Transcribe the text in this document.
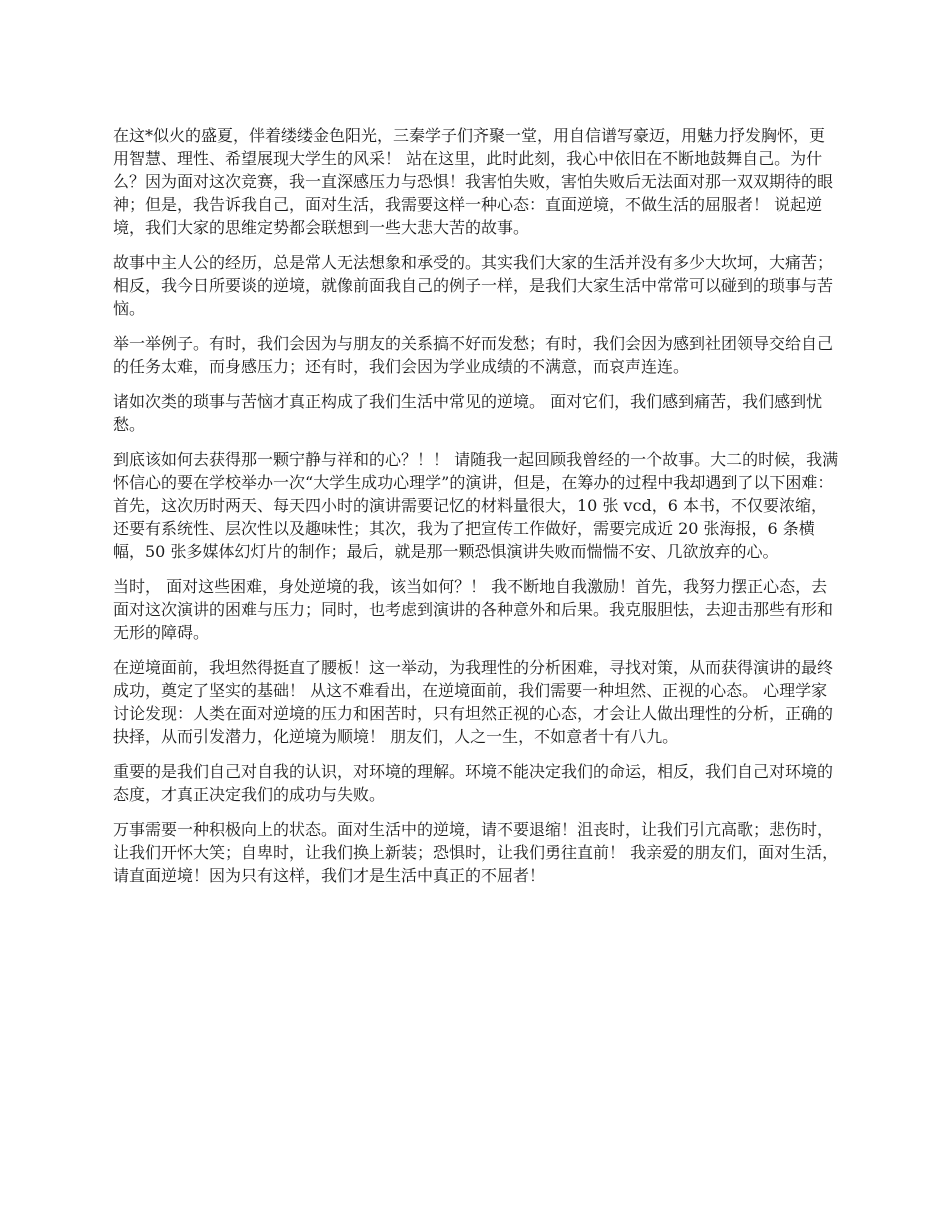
在这*似火的盛夏，伴着缕缕金色阳光，三秦学子们齐聚一堂，用自信谱写豪迈，用魅力抒发胸怀，更用智慧、理性、希望展现大学生的风采！ 站在这里，此时此刻，我心中依旧在不断地鼓舞自己。为什么？因为面对这次竞赛，我一直深感压力与恐惧！我害怕失败，害怕失败后无法面对那一双双期待的眼神；但是，我告诉我自己，面对生活，我需要这样一种心态：直面逆境，不做生活的屈服者！ 说起逆境，我们大家的思维定势都会联想到一些大悲大苦的故事。

故事中主人公的经历，总是常人无法想象和承受的。其实我们大家的生活并没有多少大坎坷，大痛苦；相反，我今日所要谈的逆境，就像前面我自己的例子一样，是我们大家生活中常常可以碰到的琐事与苦恼。

举一举例子。有时，我们会因为与朋友的关系搞不好而发愁；有时，我们会因为感到社团领导交给自己的任务太难，而身感压力；还有时，我们会因为学业成绩的不满意，而哀声连连。

诸如次类的琐事与苦恼才真正构成了我们生活中常见的逆境。 面对它们，我们感到痛苦，我们感到忧愁。

到底该如何去获得那一颗宁静与祥和的心？！！ 请随我一起回顾我曾经的一个故事。大二的时候，我满怀信心的要在学校举办一次“大学生成功心理学”的演讲，但是，在筹办的过程中我却遇到了以下困难：首先，这次历时两天、每天四小时的演讲需要记忆的材料量很大，10 张 vcd，6 本书，不仅要浓缩，还要有系统性、层次性以及趣味性；其次，我为了把宣传工作做好，需要完成近 20 张海报，6 条横幅，50 张多媒体幻灯片的制作；最后，就是那一颗恐惧演讲失败而惴惴不安、几欲放弃的心。

当时， 面对这些困难，身处逆境的我，该当如何？！ 我不断地自我激励！首先，我努力摆正心态，去面对这次演讲的困难与压力；同时，也考虑到演讲的各种意外和后果。我克服胆怯，去迎击那些有形和无形的障碍。

在逆境面前，我坦然得挺直了腰板！这一举动，为我理性的分析困难，寻找对策，从而获得演讲的最终成功，奠定了坚实的基础！ 从这不难看出，在逆境面前，我们需要一种坦然、正视的心态。 心理学家讨论发现：人类在面对逆境的压力和困苦时，只有坦然正视的心态，才会让人做出理性的分析，正确的抉择，从而引发潜力，化逆境为顺境！ 朋友们，人之一生，不如意者十有八九。

重要的是我们自己对自我的认识，对环境的理解。环境不能决定我们的命运，相反，我们自己对环境的态度，才真正决定我们的成功与失败。

万事需要一种积极向上的状态。面对生活中的逆境，请不要退缩！沮丧时，让我们引亢高歌；悲伤时，让我们开怀大笑；自卑时，让我们换上新装；恐惧时，让我们勇往直前！ 我亲爱的朋友们，面对生活，请直面逆境！因为只有这样，我们才是生活中真正的不屈者！
